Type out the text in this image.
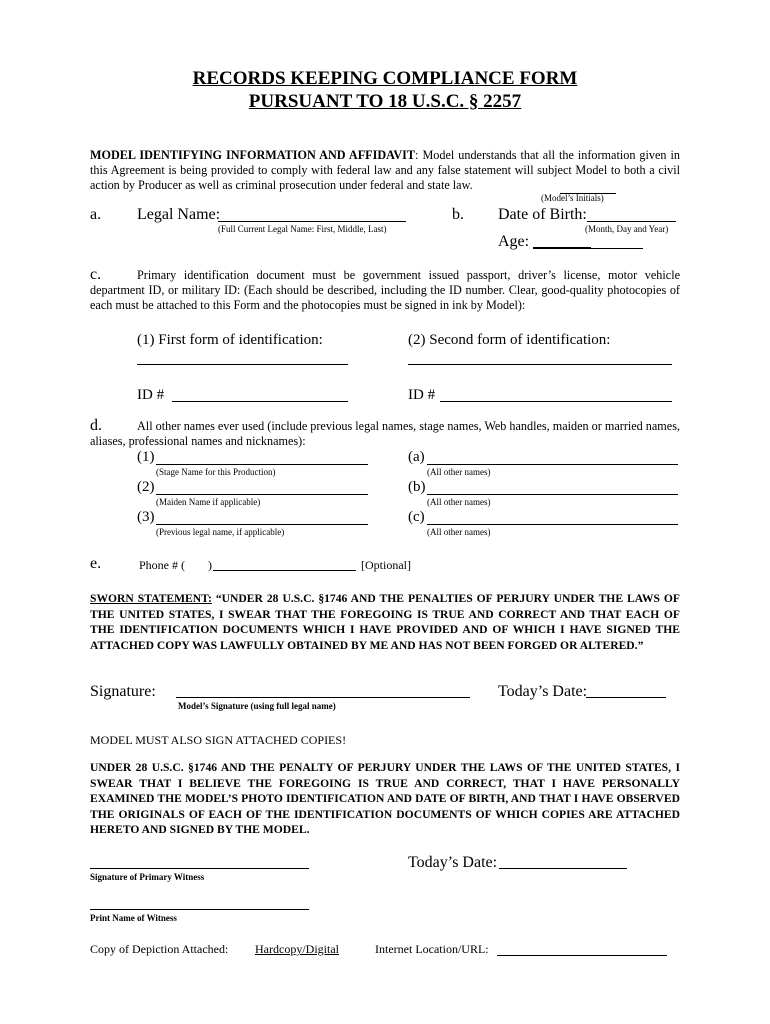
RECORDS KEEPING COMPLIANCE FORM
PURSUANT TO 18 U.S.C. § 2257
MODEL IDENTIFYING INFORMATION AND AFFIDAVIT: Model understands that all the information given in this Agreement is being provided to comply with federal law and any false statement will subject Model to both a civil action by Producer as well as criminal prosecution under federal and state law.
(Model’s Initials)
a. Legal Name:
(Full Current Legal Name: First, Middle, Last)
b. Date of Birth:
(Month, Day and Year)
Age:
c.	Primary identification document must be government issued passport, driver’s license, motor vehicle department ID, or military ID: (Each should be described, including the ID number. Clear, good-quality photocopies of each must be attached to this Form and the photocopies must be signed in ink by Model):
(1) First form of identification:	(2) Second form of identification:
ID #	ID #
d.	All other names ever used (include previous legal names, stage names, Web handles, maiden or married names, aliases, professional names and nicknames):
(1)
(Stage Name for this Production)
(2)
(Maiden Name if applicable)
(3)
(Previous legal name, if applicable)
(a)
(All other names)
(b)
(All other names)
(c)
(All other names)
e.	Phone # ( )	[Optional]
SWORN STATEMENT: “UNDER 28 U.S.C. §1746 AND THE PENALTIES OF PERJURY UNDER THE LAWS OF THE UNITED STATES, I SWEAR THAT THE FOREGOING IS TRUE AND CORRECT AND THAT EACH OF THE IDENTIFICATION DOCUMENTS WHICH I HAVE PROVIDED AND OF WHICH I HAVE SIGNED THE ATTACHED COPY WAS LAWFULLY OBTAINED BY ME AND HAS NOT BEEN FORGED OR ALTERED.”
Signature:
Model’s Signature (using full legal name)
Today’s Date:
MODEL MUST ALSO SIGN ATTACHED COPIES!
UNDER 28 U.S.C. §1746 AND THE PENALTY OF PERJURY UNDER THE LAWS OF THE UNITED STATES, I SWEAR THAT I BELIEVE THE FOREGOING IS TRUE AND CORRECT, THAT I HAVE PERSONALLY EXAMINED THE MODEL’S PHOTO IDENTIFICATION AND DATE OF BIRTH, AND THAT I HAVE OBSERVED THE ORIGINALS OF EACH OF THE IDENTIFICATION DOCUMENTS OF WHICH COPIES ARE ATTACHED HERETO AND SIGNED BY THE MODEL.
Signature of Primary Witness
Today’s Date:
Print Name of Witness
Copy of Depiction Attached: Hardcopy/Digital	Internet Location/URL:
